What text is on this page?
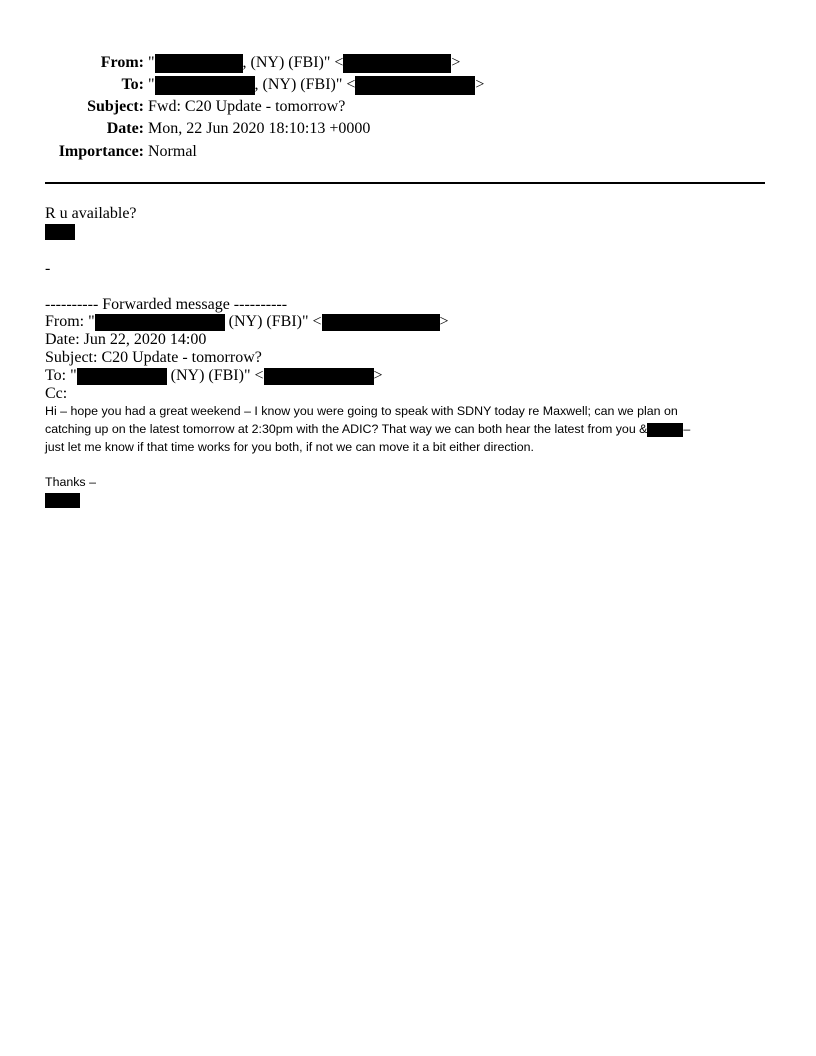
From: "	, (NY) (FBI)" <	>
To: "	, (NY) (FBI)" <	>
Subject: Fwd: C20 Update - tomorrow?
Date: Mon, 22 Jun 2020 18:10:13 +0000
Importance: Normal
R u available?
-
---------- Forwarded message ----------
From: "	(NY) (FBI)" <	>
Date: Jun 22, 2020 14:00
Subject: C20 Update - tomorrow?
To: "	(NY) (FBI)" <	>
Cc:
Hi – hope you had a great weekend – I know you were going to speak with SDNY today re Maxwell; can we plan on
catching up on the latest tomorrow at 2:30pm with the ADIC? That way we can both hear the latest from you &	–
just let me know if that time works for you both, if not we can move it a bit either direction.
Thanks –
